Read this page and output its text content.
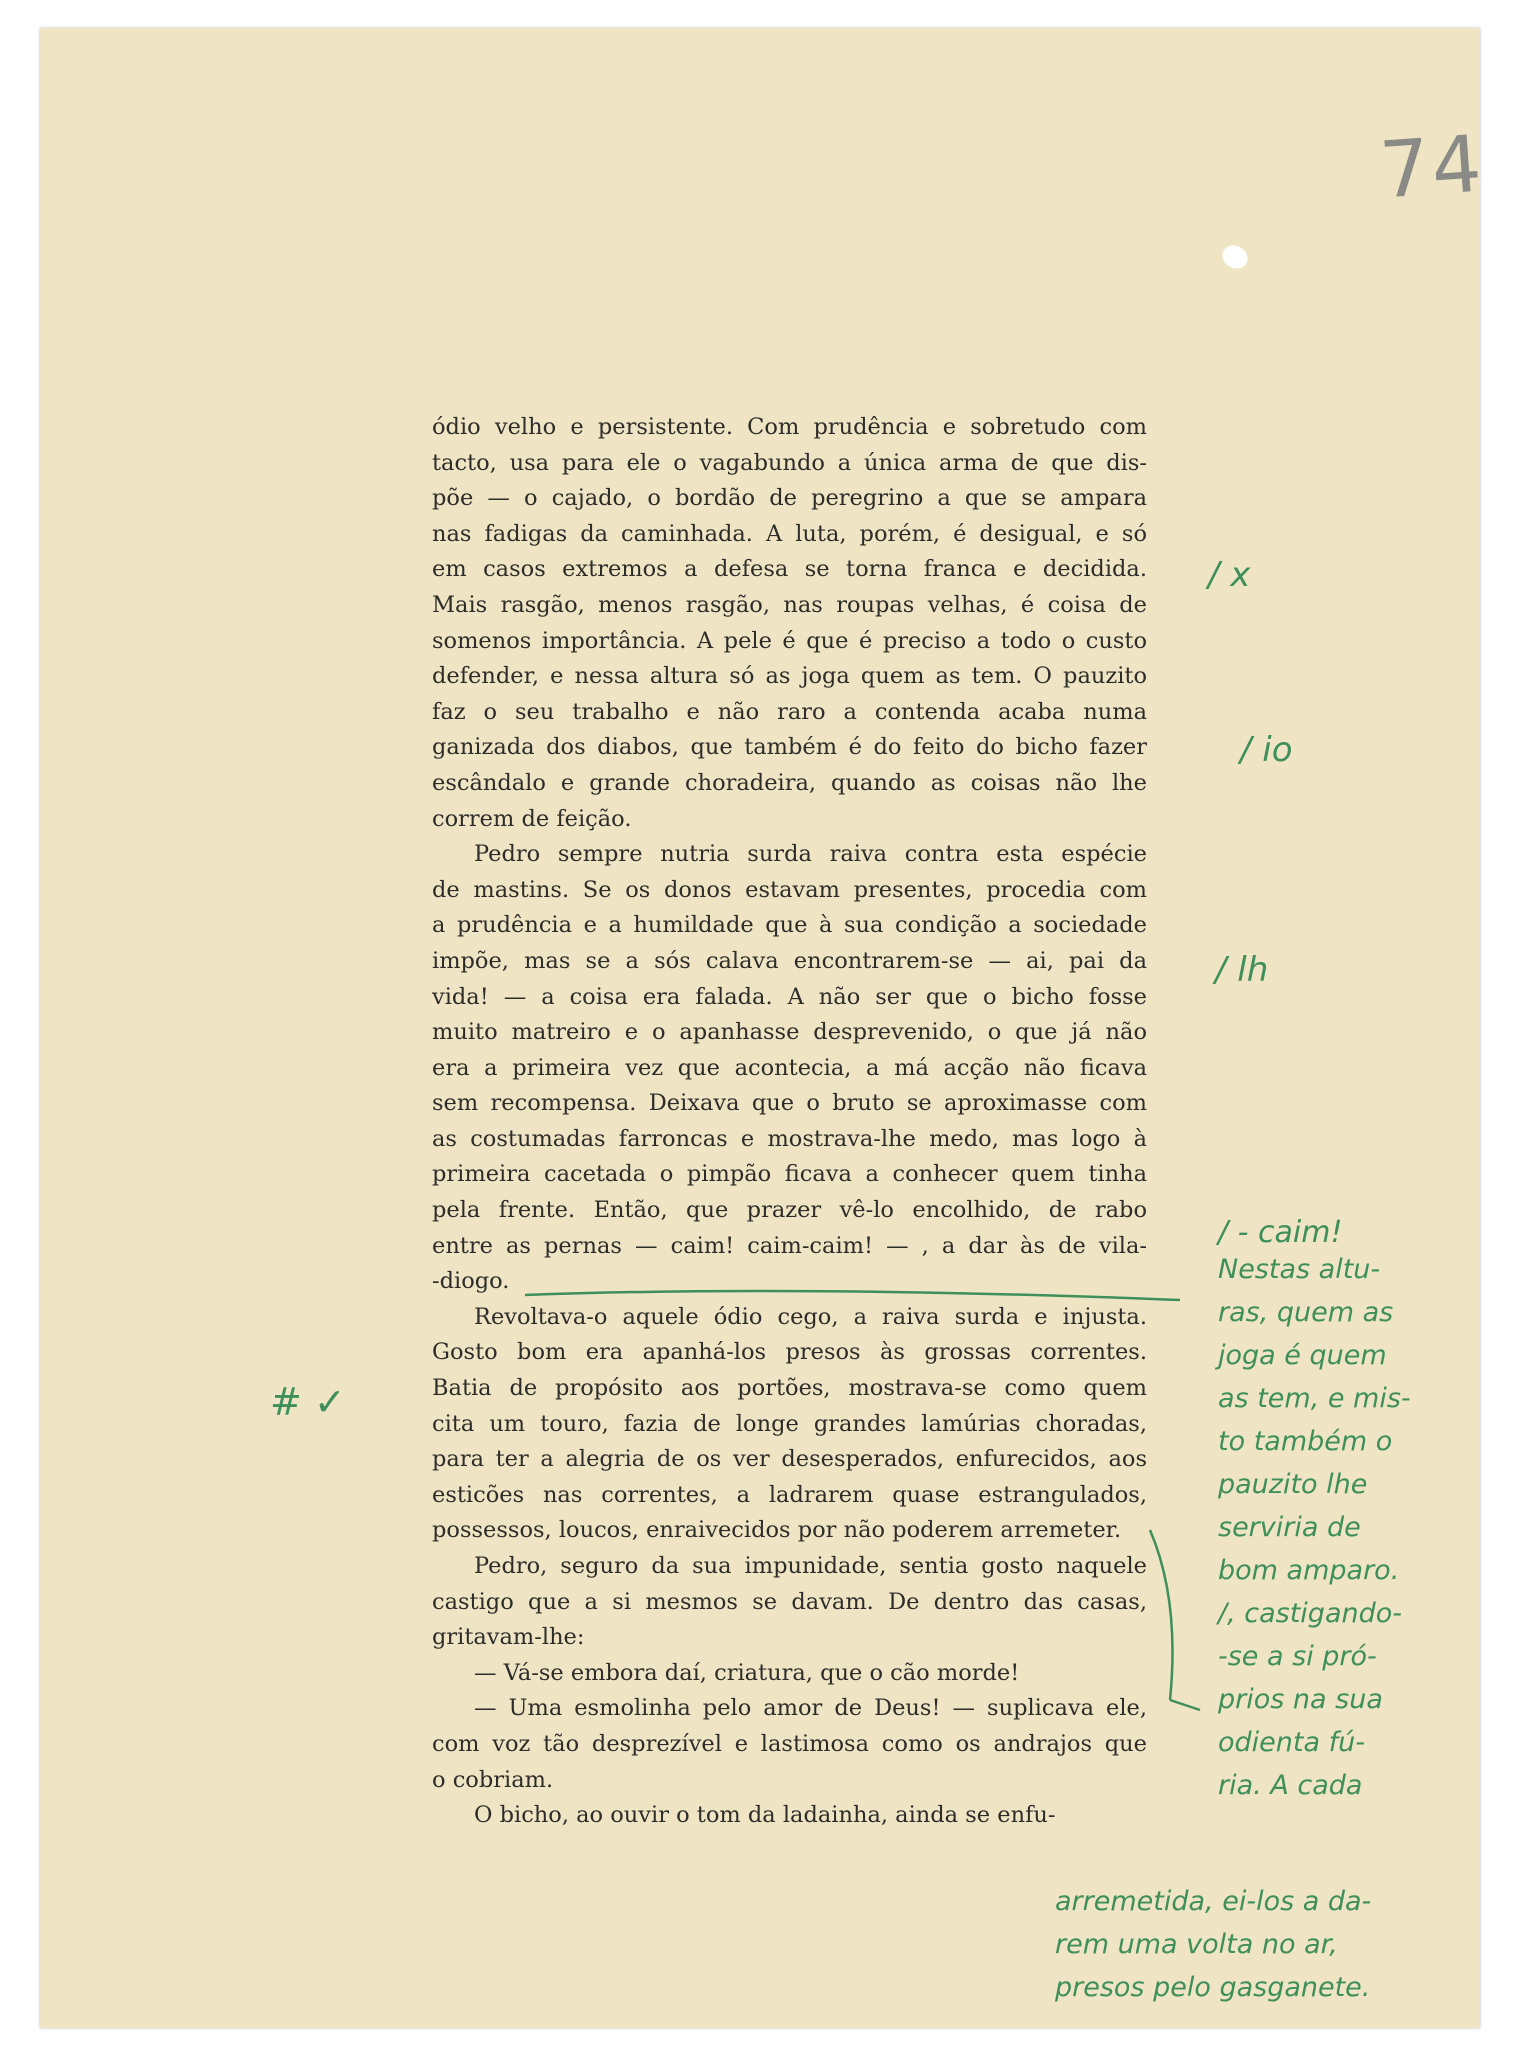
74
ódio velho e persistente. Com prudência e sobretudo com
tacto, usa para ele o vagabundo a única arma de que dis-
põe — o cajado, o bordão de peregrino a que se ampara
nas fadigas da caminhada. A luta, porém, é desigual, e só
em casos extremos a defesa se torna franca e decidida.
Mais rasgão, menos rasgão, nas roupas velhas, é coisa de
somenos importância. A pele é que é preciso a todo o custo
defender, e nessa altura só as joga quem as tem. O pauzito
faz o seu trabalho e não raro a contenda acaba numa
ganizada dos diabos, que também é do feito do bicho fazer
escândalo e grande choradeira, quando as coisas não lhe
correm de feição.
Pedro sempre nutria surda raiva contra esta espécie
de mastins. Se os donos estavam presentes, procedia com
a prudência e a humildade que à sua condição a sociedade
impõe, mas se a sós calava encontrarem-se — ai, pai da
vida! — a coisa era falada. A não ser que o bicho fosse
muito matreiro e o apanhasse desprevenido, o que já não
era a primeira vez que acontecia, a má acção não ficava
sem recompensa. Deixava que o bruto se aproximasse com
as costumadas farroncas e mostrava-lhe medo, mas logo à
primeira cacetada o pimpão ficava a conhecer quem tinha
pela frente. Então, que prazer vê-lo encolhido, de rabo
entre as pernas — caim! caim-caim! — , a dar às de vila-
-diogo.
Revoltava-o aquele ódio cego, a raiva surda e injusta.
Gosto bom era apanhá-los presos às grossas correntes.
Batia de propósito aos portões, mostrava-se como quem
cita um touro, fazia de longe grandes lamúrias choradas,
para ter a alegria de os ver desesperados, enfurecidos, aos
esticões nas correntes, a ladrarem quase estrangulados,
possessos, loucos, enraivecidos por não poderem arremeter.
Pedro, seguro da sua impunidade, sentia gosto naquele
castigo que a si mesmos se davam. De dentro das casas,
gritavam-lhe:
— Vá-se embora daí, criatura, que o cão morde!
— Uma esmolinha pelo amor de Deus! — suplicava ele,
com voz tão desprezível e lastimosa como os andrajos que
o cobriam.
O bicho, ao ouvir o tom da ladainha, ainda se enfu-
/ x
/ io
/ lh
/ - caim!
# ✓
Nestas altu-
ras, quem as
joga é quem
as tem, e mis-
to também o
pauzito lhe
serviria de
bom amparo.
/, castigando-
-se a si pró-
prios na sua
odienta fú-
ria. A cada
arremetida, ei-los a da-
rem uma volta no ar,
presos pelo gasganete.
